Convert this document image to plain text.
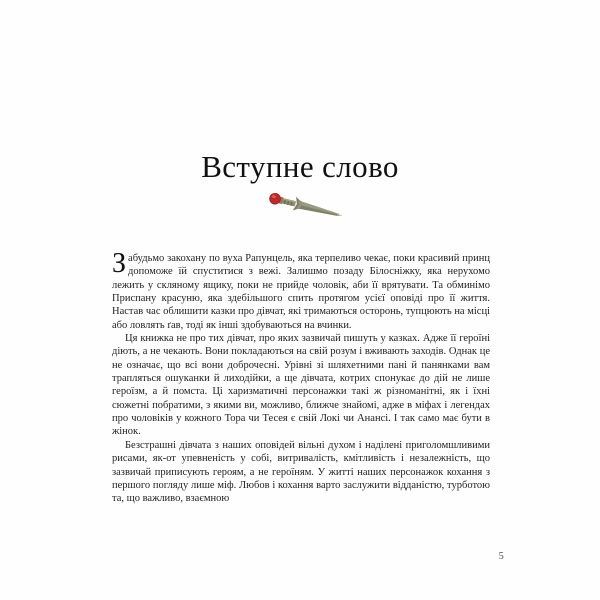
Вступне слово

Забудьмо закохану по вуха Рапунцель, яка терпеливо чекає, поки красивий принц допоможе їй спуститися з вежі. Залишмо позаду Білосніжку, яка нерухомо лежить у скляному ящику, поки не прийде чоловік, аби її врятувати. Та обминімо Приспану красуню, яка здебільшого спить протягом усієї оповіді про її життя. Настав час облишити казки про дівчат, які тримаються осторонь, тупцюють на місці або ловлять ґав, тоді як інші здобуваються на вчинки.

Ця книжка не про тих дівчат, про яких зазвичай пишуть у казках. Адже її героїні діють, а не чекають. Вони покладаються на свій розум і вживають заходів. Однак це не означає, що всі вони доброчесні. Урівні зі шляхетними пані й панянками вам трапляться ошуканки й лиходійки, а ще дівчата, котрих спонукає до дій не лише героїзм, а й помста. Ці харизматичні персонажки такі ж різноманітні, як і їхні сюжетні побратими, з якими ви, можливо, ближче знайомі, адже в міфах і легендах про чоловіків у кожного Тора чи Тесея є свій Локі чи Анансі. І так само має бути в жінок.

Безстрашні дівчата з наших оповідей вільні духом і наділені приголомшливими рисами, як-от упевненість у собі, витривалість, кмітливість і незалежність, що зазвичай приписують героям, а не героїням. У житті наших персонажок кохання з першого погляду лише міф. Любов і кохання варто заслужити відданістю, турботою та, що важливо, взаємною

5
